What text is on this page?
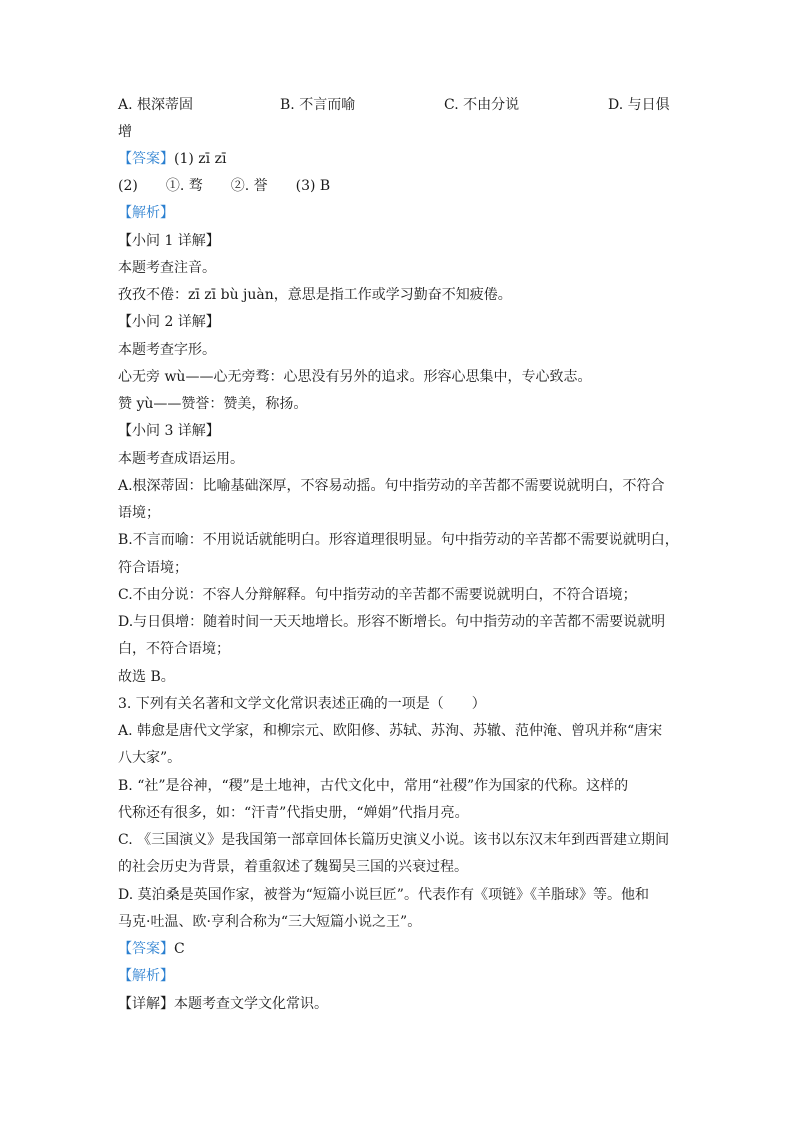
A. 根深蒂固	B. 不言而喻	C. 不由分说	D. 与日俱
增
【答案】(1) zī zī
(2)　　①. 骛　　②. 誉　　(3) B
【解析】
【小问 1 详解】
本题考查注音。
孜孜不倦：zī zī bù juàn，意思是指工作或学习勤奋不知疲倦。
【小问 2 详解】
本题考查字形。
心无旁 wù——心无旁骛：心思没有另外的追求。形容心思集中，专心致志。
赞 yù——赞誉：赞美，称扬。
【小问 3 详解】
本题考查成语运用。
A.根深蒂固：比喻基础深厚，不容易动摇。句中指劳动的辛苦都不需要说就明白，不符合
语境；
B.不言而喻：不用说话就能明白。形容道理很明显。句中指劳动的辛苦都不需要说就明白，
符合语境；
C.不由分说：不容人分辩解释。句中指劳动的辛苦都不需要说就明白，不符合语境；
D.与日俱增：随着时间一天天地增长。形容不断增长。句中指劳动的辛苦都不需要说就明
白，不符合语境；
故选 B。
3. 下列有关名著和文学文化常识表述正确的一项是（　　）
A. 韩愈是唐代文学家，和柳宗元、欧阳修、苏轼、苏洵、苏辙、范仲淹、曾巩并称“唐宋
八大家”。
B. “社”是谷神，“稷”是土地神，古代文化中，常用“社稷”作为国家的代称。这样的
代称还有很多，如：“汗青”代指史册，“婵娟”代指月亮。
C. 《三国演义》是我国第一部章回体长篇历史演义小说。该书以东汉末年到西晋建立期间
的社会历史为背景，着重叙述了魏蜀吴三国的兴衰过程。
D. 莫泊桑是英国作家，被誉为“短篇小说巨匠”。代表作有《项链》《羊脂球》等。他和
马克·吐温、欧·亨利合称为“三大短篇小说之王”。
【答案】C
【解析】
【详解】本题考查文学文化常识。
